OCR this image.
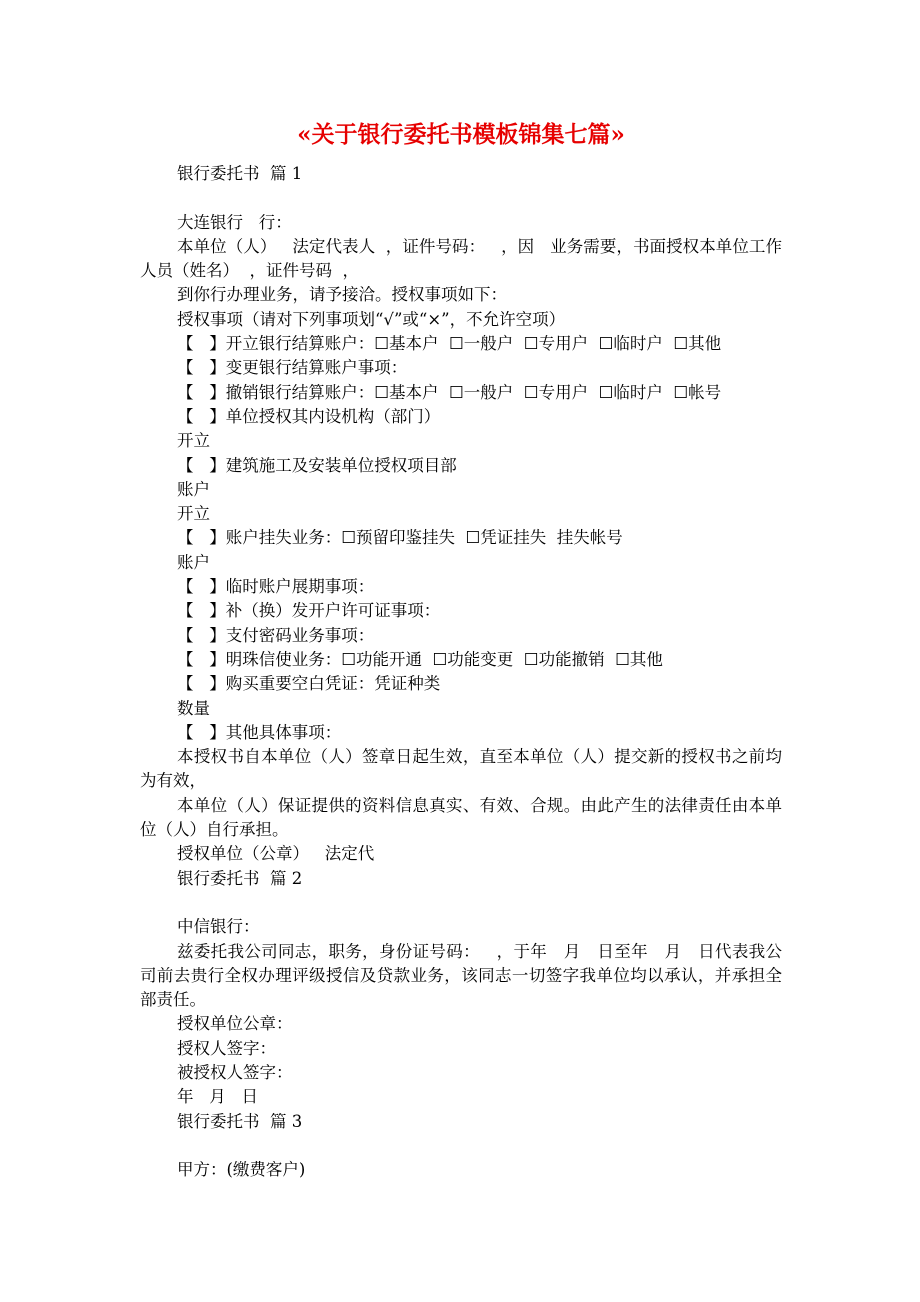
«关于银行委托书模板锦集七篇»
银行委托书  篇 1
大连银行   行：
本单位（人）   法定代表人  ，证件号码：   ，因   业务需要，书面授权本单位工作人员（姓名）  ，证件号码  ，
到你行办理业务，请予接洽。授权事项如下：
授权事项（请对下列事项划“√”或“×”，不允许空项）
【   】开立银行结算账户：☐基本户  ☐一般户  ☐专用户  ☐临时户  ☐其他
【   】变更银行结算账户事项：
【   】撤销银行结算账户：☐基本户  ☐一般户  ☐专用户  ☐临时户  ☐帐号
【   】单位授权其内设机构（部门）
开立
【   】建筑施工及安装单位授权项目部
账户
开立
【   】账户挂失业务：☐预留印鉴挂失  ☐凭证挂失  挂失帐号
账户
【   】临时账户展期事项：
【   】补（换）发开户许可证事项：
【   】支付密码业务事项：
【   】明珠信使业务：☐功能开通  ☐功能变更  ☐功能撤销  ☐其他
【   】购买重要空白凭证：凭证种类
数量
【   】其他具体事项：
本授权书自本单位（人）签章日起生效，直至本单位（人）提交新的授权书之前均为有效，
本单位（人）保证提供的资料信息真实、有效、合规。由此产生的法律责任由本单位（人）自行承担。
授权单位（公章）   法定代
银行委托书  篇 2
中信银行：
兹委托我公司同志，职务，身份证号码：   ，于年   月   日至年   月   日代表我公司前去贵行全权办理评级授信及贷款业务，该同志一切签字我单位均以承认，并承担全部责任。
授权单位公章：
授权人签字：
被授权人签字：
年   月   日
银行委托书  篇 3
甲方：(缴费客户)
